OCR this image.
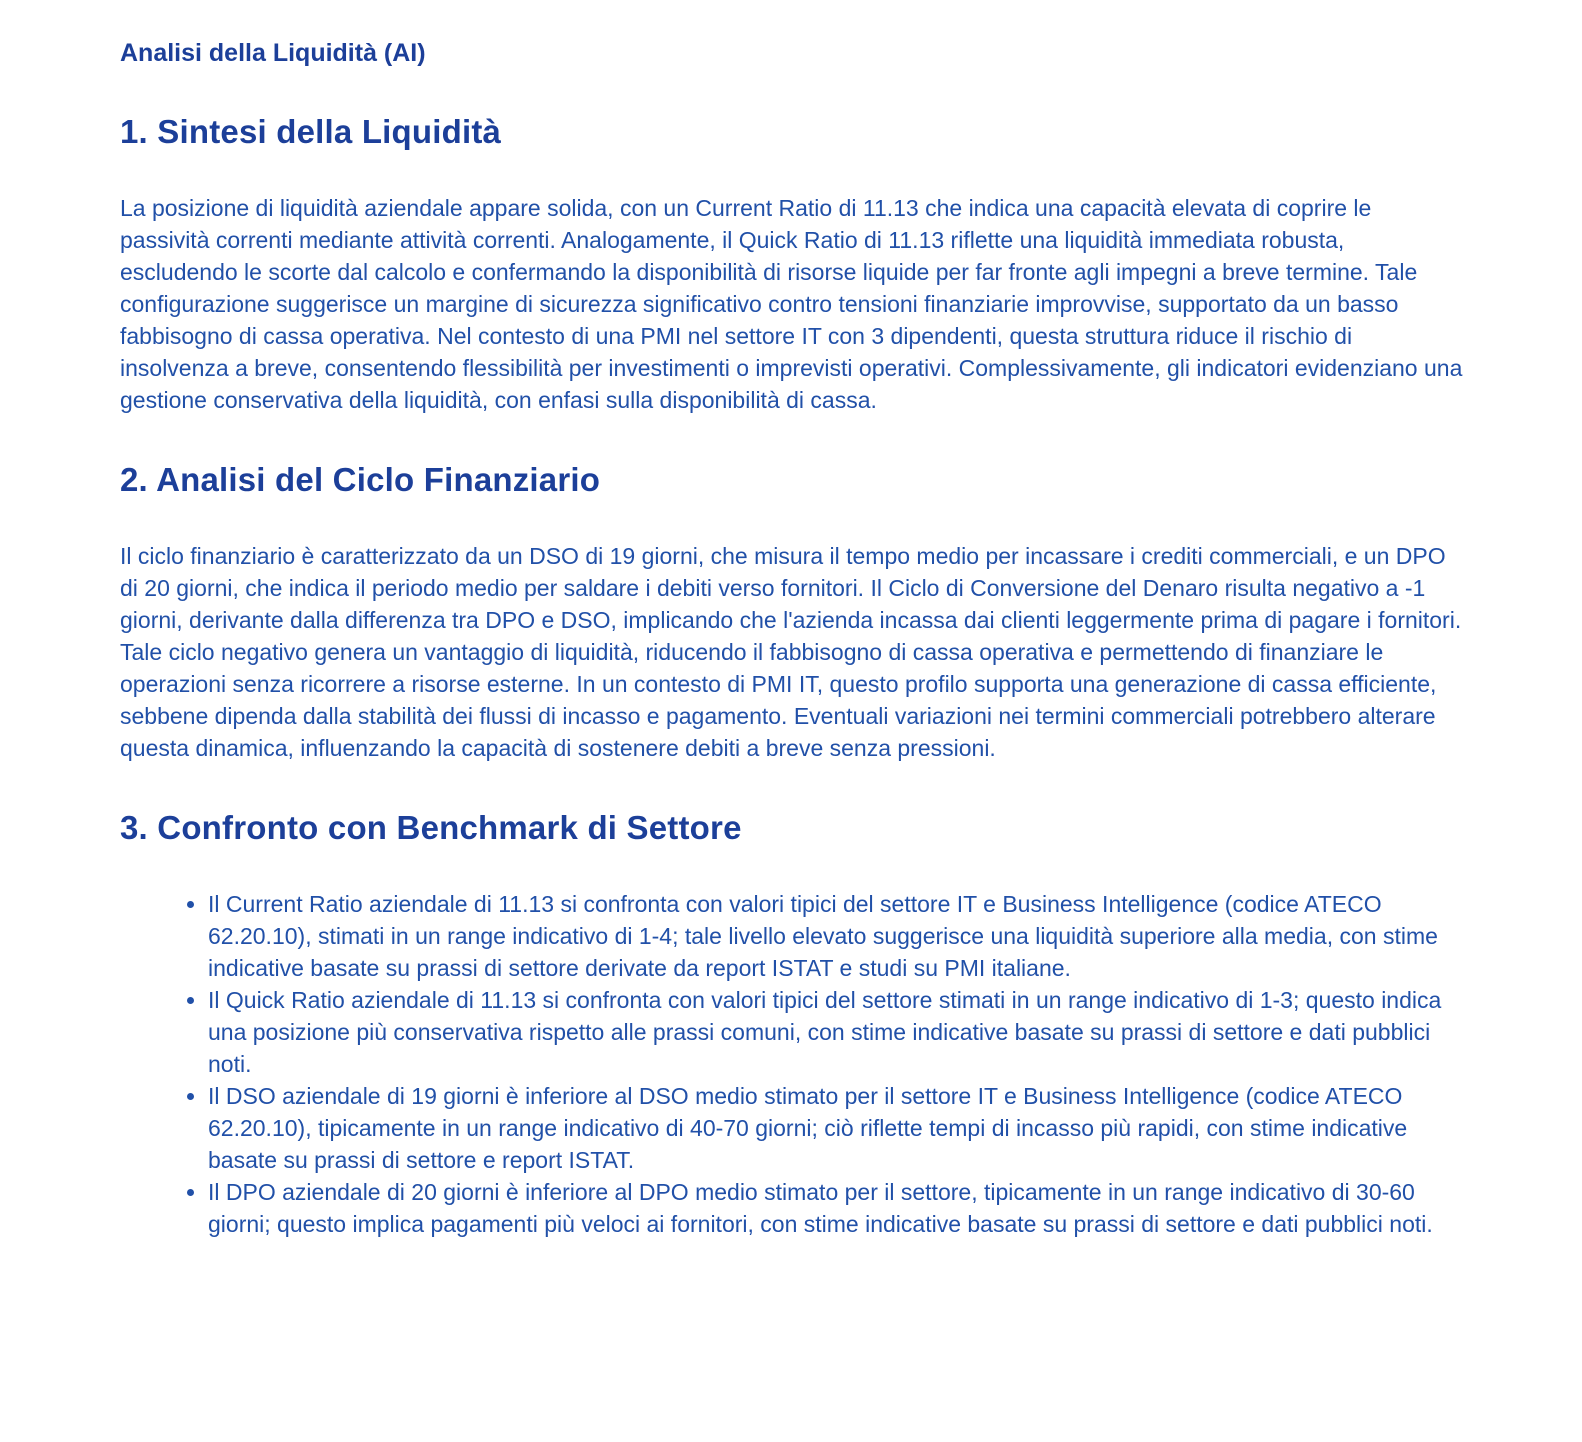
Analisi della Liquidità (AI)

1. Sintesi della Liquidità

La posizione di liquidità aziendale appare solida, con un Current Ratio di 11.13 che indica una capacità elevata di coprire le passività correnti mediante attività correnti. Analogamente, il Quick Ratio di 11.13 riflette una liquidità immediata robusta, escludendo le scorte dal calcolo e confermando la disponibilità di risorse liquide per far fronte agli impegni a breve termine. Tale configurazione suggerisce un margine di sicurezza significativo contro tensioni finanziarie improvvise, supportato da un basso fabbisogno di cassa operativa. Nel contesto di una PMI nel settore IT con 3 dipendenti, questa struttura riduce il rischio di insolvenza a breve, consentendo flessibilità per investimenti o imprevisti operativi. Complessivamente, gli indicatori evidenziano una gestione conservativa della liquidità, con enfasi sulla disponibilità di cassa.

2. Analisi del Ciclo Finanziario

Il ciclo finanziario è caratterizzato da un DSO di 19 giorni, che misura il tempo medio per incassare i crediti commerciali, e un DPO di 20 giorni, che indica il periodo medio per saldare i debiti verso fornitori. Il Ciclo di Conversione del Denaro risulta negativo a -1 giorni, derivante dalla differenza tra DPO e DSO, implicando che l'azienda incassa dai clienti leggermente prima di pagare i fornitori. Tale ciclo negativo genera un vantaggio di liquidità, riducendo il fabbisogno di cassa operativa e permettendo di finanziare le operazioni senza ricorrere a risorse esterne. In un contesto di PMI IT, questo profilo supporta una generazione di cassa efficiente, sebbene dipenda dalla stabilità dei flussi di incasso e pagamento. Eventuali variazioni nei termini commerciali potrebbero alterare questa dinamica, influenzando la capacità di sostenere debiti a breve senza pressioni.

3. Confronto con Benchmark di Settore
• Il Current Ratio aziendale di 11.13 si confronta con valori tipici del settore IT e Business Intelligence (codice ATECO 62.20.10), stimati in un range indicativo di 1-4; tale livello elevato suggerisce una liquidità superiore alla media, con stime indicative basate su prassi di settore derivate da report ISTAT e studi su PMI italiane.
• Il Quick Ratio aziendale di 11.13 si confronta con valori tipici del settore stimati in un range indicativo di 1-3; questo indica una posizione più conservativa rispetto alle prassi comuni, con stime indicative basate su prassi di settore e dati pubblici noti.
• Il DSO aziendale di 19 giorni è inferiore al DSO medio stimato per il settore IT e Business Intelligence (codice ATECO 62.20.10), tipicamente in un range indicativo di 40-70 giorni; ciò riflette tempi di incasso più rapidi, con stime indicative basate su prassi di settore e report ISTAT.
• Il DPO aziendale di 20 giorni è inferiore al DPO medio stimato per il settore, tipicamente in un range indicativo di 30-60 giorni; questo implica pagamenti più veloci ai fornitori, con stime indicative basate su prassi di settore e dati pubblici noti.
